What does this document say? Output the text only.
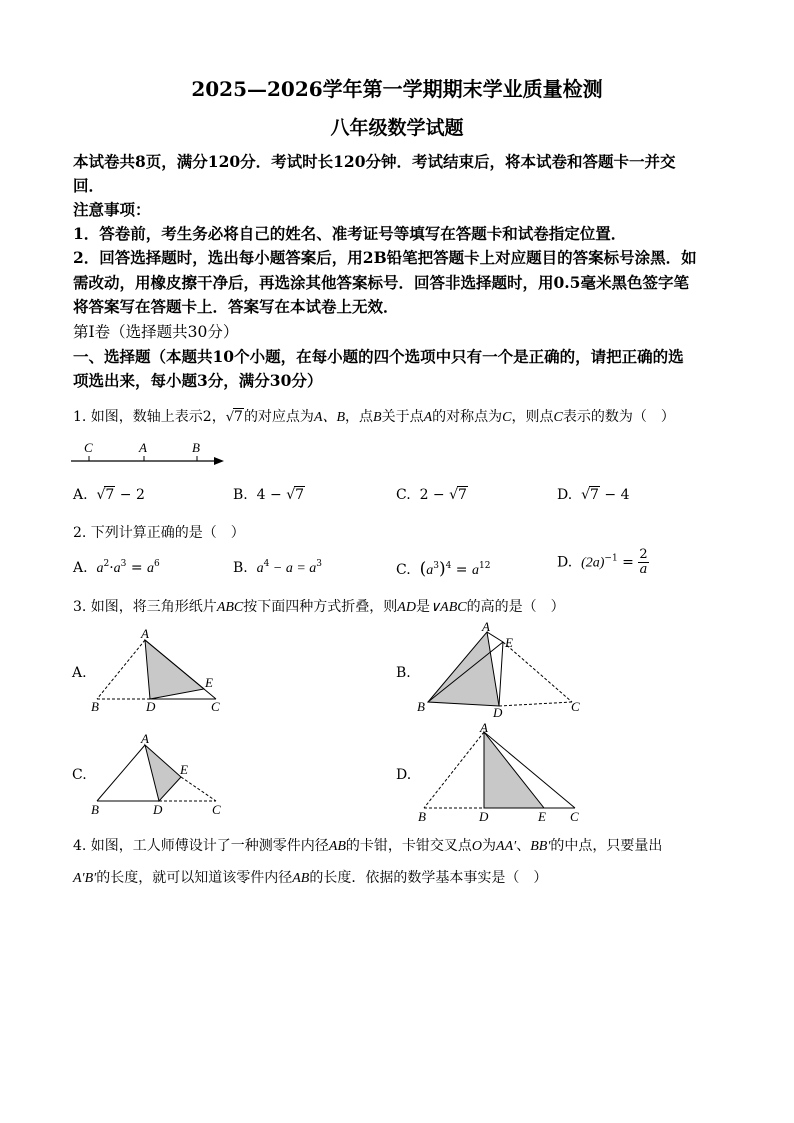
2025—2026学年第一学期期末学业质量检测
八年级数学试题
本试卷共8页，满分120分．考试时长120分钟．考试结束后，将本试卷和答题卡一并交
回．
注意事项：
1．答卷前，考生务必将自己的姓名、准考证号等填写在答题卡和试卷指定位置．
2．回答选择题时，选出每小题答案后，用2B铅笔把答题卡上对应题目的答案标号涂黑．如
需改动，用橡皮擦干净后，再选涂其他答案标号．回答非选择题时，用0.5毫米黑色签字笔
将答案写在答题卡上．答案写在本试卷上无效．
第Ⅰ卷（选择题共30分）
一、选择题（本题共10个小题，在每小题的四个选项中只有一个是正确的，请把正确的选
项选出来，每小题3分，满分30分）
1. 如图，数轴上表示2，√7的对应点为A、B，点B关于点A的对称点为C，则点C表示的数为（　）
C	A	B
A. √7 − 2	B. 4 − √7	C. 2 − √7	D. √7 − 4
2. 下列计算正确的是（　）
A. $a^2\cdot a^3 = a^6$	B. $a^4 - a = a^3$	C. $(a^3)^4 = a^{12}$	D. $(2a)^{-1} = \frac{2}{a}$
3. 如图，将三角形纸片ABC按下面四种方式折叠，则AD是∨ABC的高的是（　）
A.
A
B	D	C
E
B.
A
E
B	D	C
C.
A
E
B	D	C
D.
A
B	D	E C
4. 如图，工人师傅设计了一种测零件内径AB的卡钳，卡钳交叉点O为AA′、BB′的中点，只要量出
A′B′的长度，就可以知道该零件内径AB的长度．依据的数学基本事实是（　）
